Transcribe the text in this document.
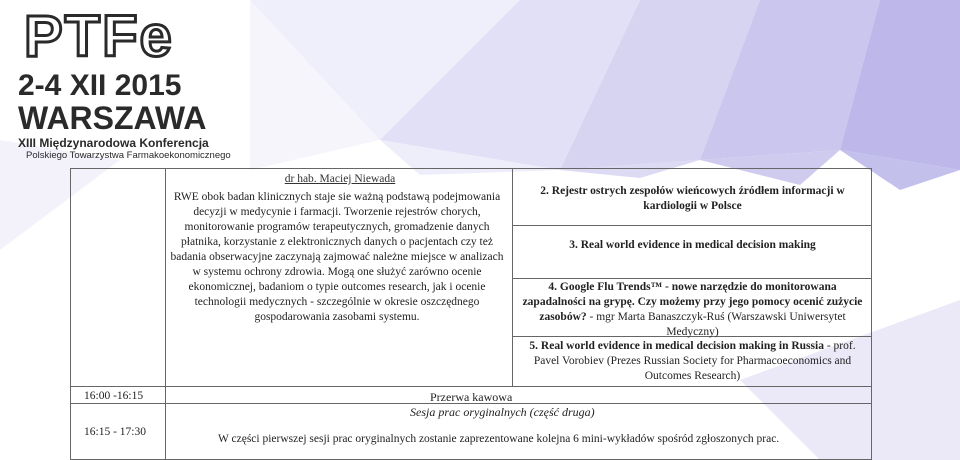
PTFe
2-4 XII 2015
WARSZAWA
XIII Międzynarodowa Konferencja
Polskiego Towarzystwa Farmakoekonomicznego
dr hab. Maciej Niewada
RWE obok badan klinicznych staje sie ważną podstawą podejmowania decyzji w medycynie i farmacji. Tworzenie rejestrów chorych, monitorowanie programów terapeutycznych, gromadzenie danych płatnika, korzystanie z elektronicznych danych o pacjentach czy też badania obserwacyjne zaczynają zajmować należne miejsce w analizach w systemu ochrony zdrowia. Mogą one służyć zarówno ocenie ekonomicznej, badaniom o typie outcomes research, jak i ocenie technologii medycznych - szczególnie w okresie oszczędnego gospodarowania zasobami systemu.
2. Rejestr ostrych zespołów wieńcowych źródłem informacji w kardiologii w Polsce
3. Real world evidence in medical decision making
4. Google Flu Trends™ - nowe narzędzie do monitorowana zapadalności na grypę. Czy możemy przy jego pomocy ocenić zużycie zasobów? - mgr Marta Banaszczyk-Ruś (Warszawski Uniwersytet Medyczny)
5. Real world evidence in medical decision making in Russia - prof. Pavel Vorobiev (Prezes Russian Society for Pharmacoeconomics and Outcomes Research)
16:00 -16:15	Przerwa kawowa
16:15 - 17:30
Sesja prac oryginalnych (część druga)
W części pierwszej sesji prac oryginalnych zostanie zaprezentowane kolejna 6 mini-wykładów spośród zgłoszonych prac.
